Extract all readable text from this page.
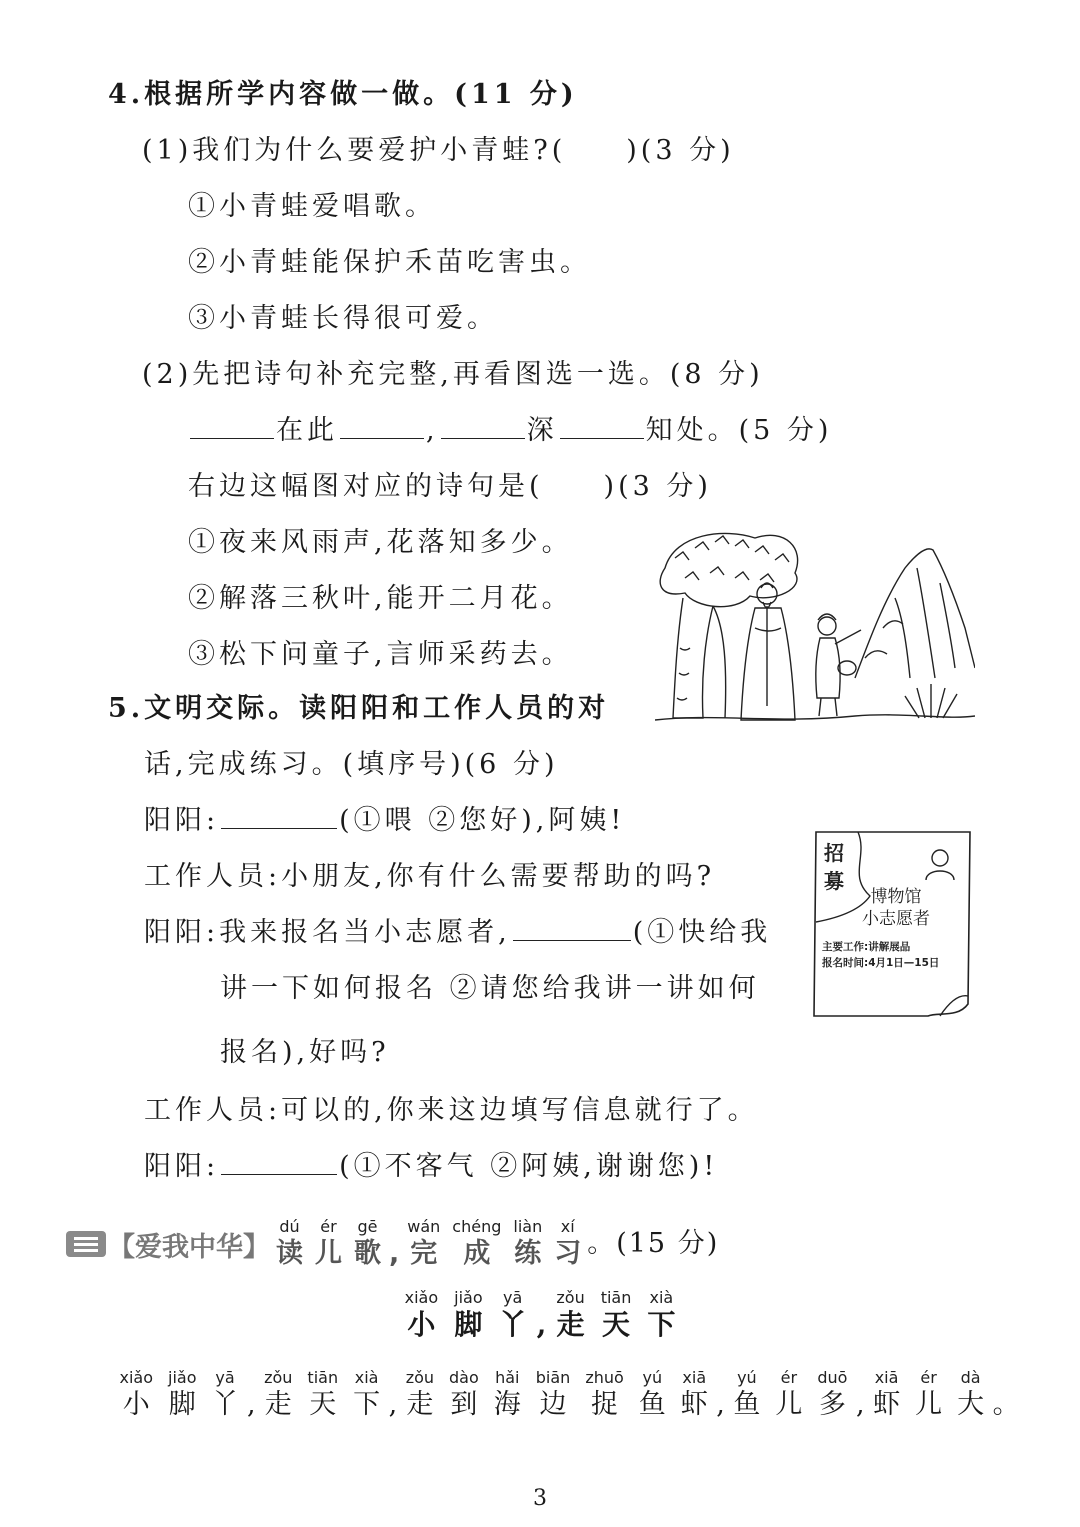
4.根据所学内容做一做。(11 分)
(1)我们为什么要爱护小青蛙?( )(3 分)
①小青蛙爱唱歌。
②小青蛙能保护禾苗吃害虫。
③小青蛙长得很可爱。
(2)先把诗句补充完整,再看图选一选。(8 分)
在此	,	深	知处。(5 分)
右边这幅图对应的诗句是( )(3 分)
①夜来风雨声,花落知多少。
②解落三秋叶,能开二月花。
③松下问童子,言师采药去。
5.文明交际。读阳阳和工作人员的对
话,完成练习。(填序号)(6 分)
阳阳:	(①喂 ②您好),阿姨!
工作人员:小朋友,你有什么需要帮助的吗?
阳阳:我来报名当小志愿者,	(①快给我
讲一下如何报名 ②请您给我讲一讲如何
报名),好吗?
工作人员:可以的,你来这边填写信息就行了。
阳阳:	(①不客气 ②阿姨,谢谢您)!
招
募
博物馆
小志愿者
主要工作:讲解展品
报名时间:4月1日—15日
【爱我中华】
dú
读
ér
儿
gē
歌 ,
wán
完
chéng
成
liàn
练
xí
习 。(15 分)
xiǎo
小
jiǎo
脚
yā
丫 ,
zǒu
走
tiān
天
xià
下
xiǎo
小
jiǎo
脚
yā
丫 ,
zǒu
走
tiān
天
xià
下 ,
zǒu
走
dào
到
hǎi
海
biān
边
zhuō
捉
yú
鱼
xiā
虾 ,
yú
鱼
ér
儿
duō
多 ,
xiā
虾
ér
儿
dà
大 。
3
